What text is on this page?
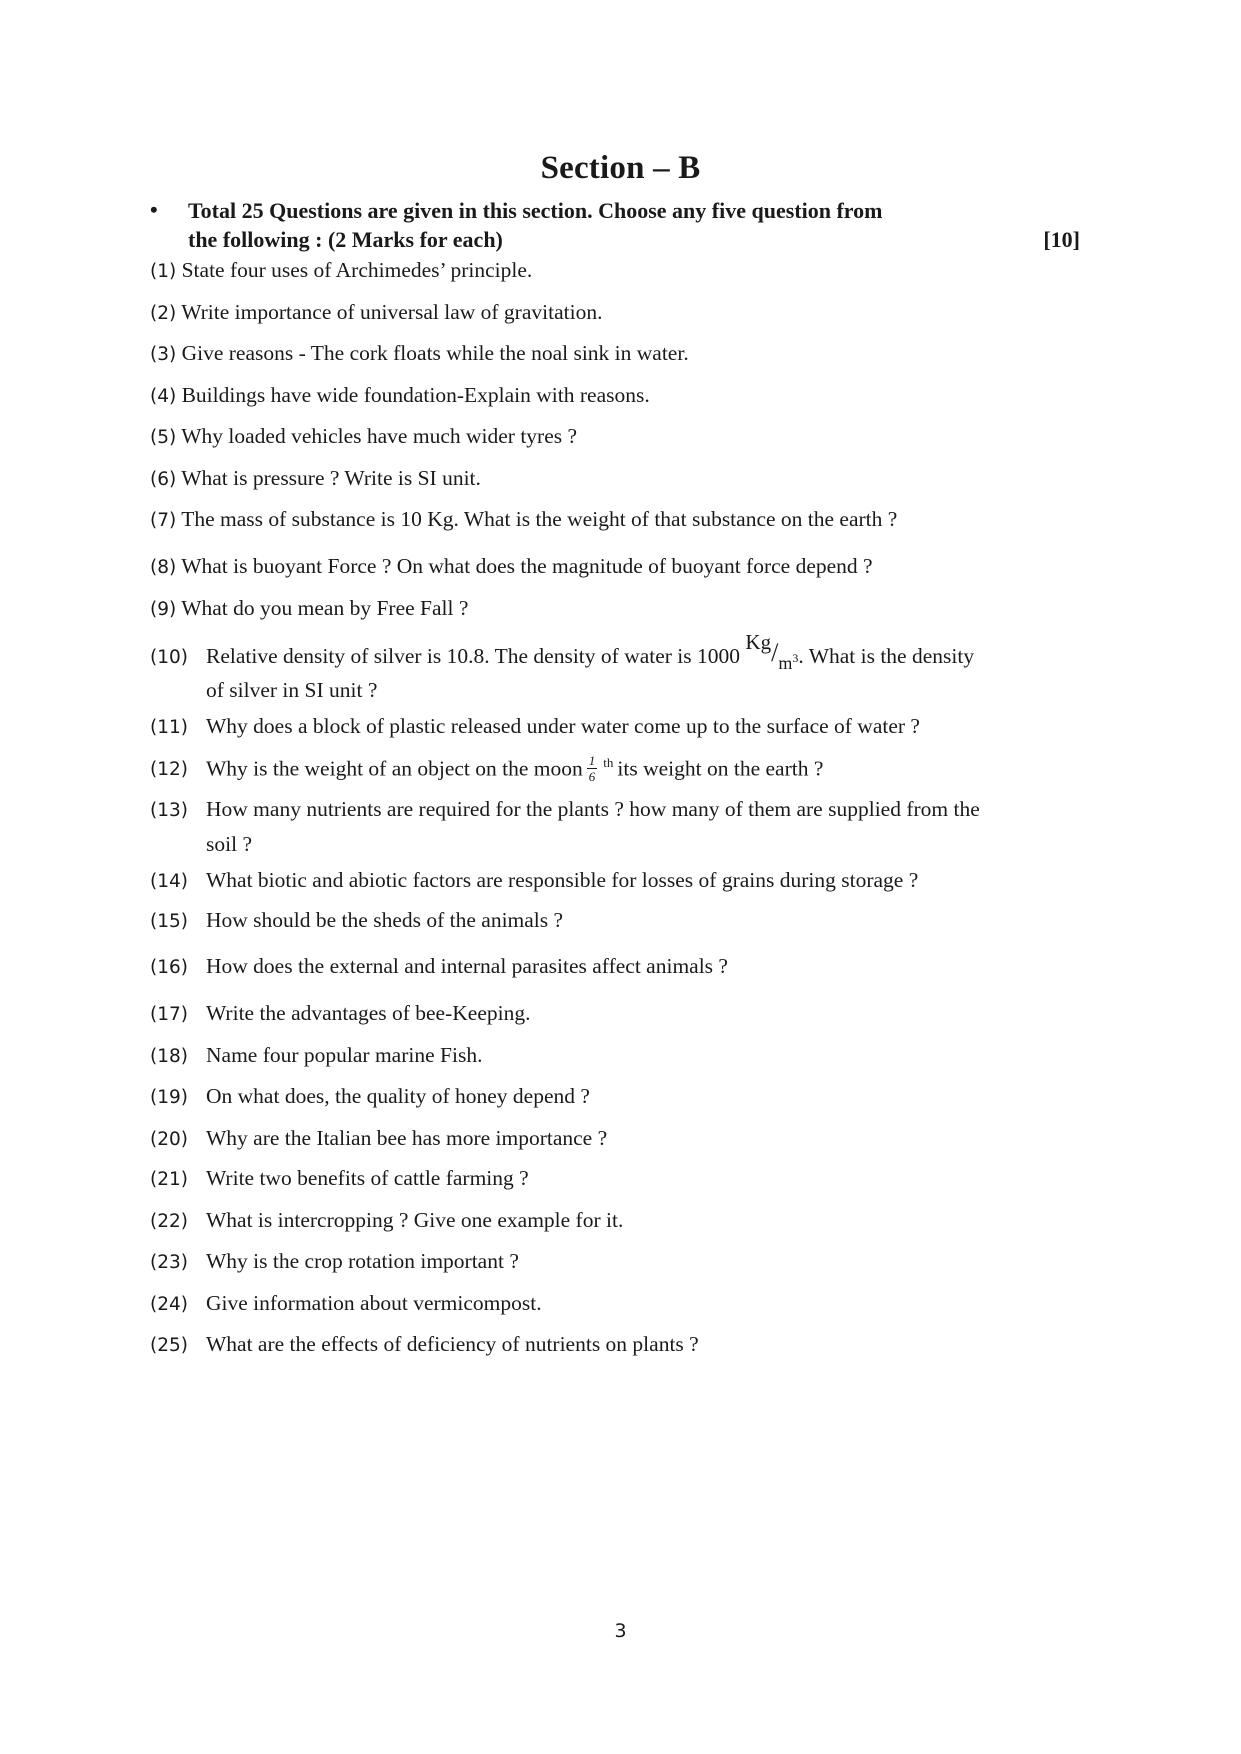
Section – B
• Total 25 Questions are given in this section. Choose any five question from
the following : (2 Marks for each)	[10]
(1) State four uses of Archimedes’ principle.
(2) Write importance of universal law of gravitation.
(3) Give reasons - The cork floats while the noal sink in water.
(4) Buildings have wide foundation-Explain with reasons.
(5) Why loaded vehicles have much wider tyres ?
(6) What is pressure ? Write is SI unit.
(7) The mass of substance is 10 Kg. What is the weight of that substance on the earth ?
(8) What is buoyant Force ? On what does the magnitude of buoyant force depend ?
(9) What do you mean by Free Fall ?
(10) Relative density of silver is 10.8. The density of water is 1000 $Kg/_{m^3}$. What is the density
of silver in SI unit ?
(11) Why does a block of plastic released under water come up to the surface of water ?
(12) Why is the weight of an object on the moon $\frac{1}{6} ^{th}$ its weight on the earth ?
(13) How many nutrients are required for the plants ? how many of them are supplied from the
soil ?
(14) What biotic and abiotic factors are responsible for losses of grains during storage ?
(15) How should be the sheds of the animals ?
(16) How does the external and internal parasites affect animals ?
(17) Write the advantages of bee-Keeping.
(18) Name four popular marine Fish.
(19) On what does, the quality of honey depend ?
(20) Why are the Italian bee has more importance ?
(21) Write two benefits of cattle farming ?
(22) What is intercropping ? Give one example for it.
(23) Why is the crop rotation important ?
(24) Give information about vermicompost.
(25) What are the effects of deficiency of nutrients on plants ?
3
